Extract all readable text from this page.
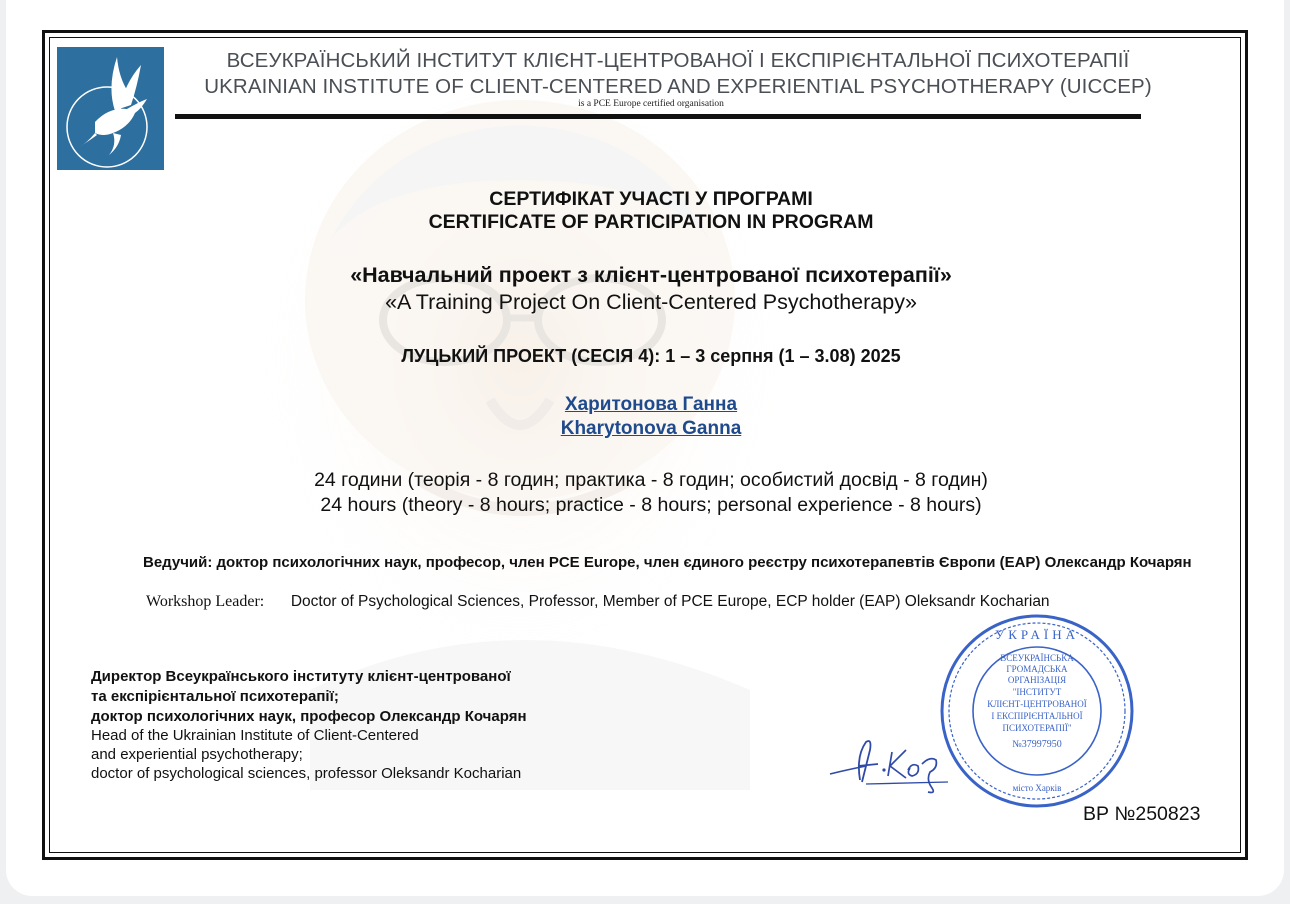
ВСЕУКРАЇНСЬКИЙ ІНСТИТУТ КЛІЄНТ-ЦЕНТРОВАНОЇ І ЕКСПІРІЄНТАЛЬНОЇ ПСИХОТЕРАПІЇ
UKRAINIAN INSTITUTE OF CLIENT-CENTERED AND EXPERIENTIAL PSYCHOTHERAPY (UICCEP)
is a PCE Europe certified organisation
СЕРТИФІКАТ УЧАСТІ У ПРОГРАМІ
CERTIFICATE OF PARTICIPATION IN PROGRAM
«Навчальний проект з клієнт-центрованої психотерапії»
«A Training Project On Client-Centered Psychotherapy»
ЛУЦЬКИЙ ПРОЕКТ (СЕСІЯ 4): 1 – 3 серпня (1 – 3.08) 2025
Харитонова Ганна
Kharytonova Ganna
24 години (теорія - 8 годин; практика - 8 годин; особистий досвід - 8 годин)
24 hours (theory - 8 hours; practice - 8 hours; personal experience - 8 hours)
Ведучий: доктор психологічних наук, професор, член PCE Europe, член єдиного реєстру психотерапевтів Європи (EAP) Олександр Кочарян
Workshop Leader: Doctor of Psychological Sciences, Professor, Member of PCE Europe, ECP holder (EAP) Oleksandr Kocharian
Директор Всеукраїнського інституту клієнт-центрованої
та експірієнтальної психотерапії;
доктор психологічних наук, професор Олександр Кочарян
Head of the Ukrainian Institute of Client-Centered
and experiential psychotherapy;
doctor of psychological sciences, professor Oleksandr Kocharian
УКРАЇНА
ВСЕУКРАЇНСЬКА
ГРОМАДСЬКА
ОРГАНІЗАЦІЯ
"ІНСТИТУТ
КЛІЄНТ-ЦЕНТРОВАНОЇ
І ЕКСПІРІЄНТАЛЬНОЇ
ПСИХОТЕРАПІЇ"
№37997950
місто Харків
ВР №250823
